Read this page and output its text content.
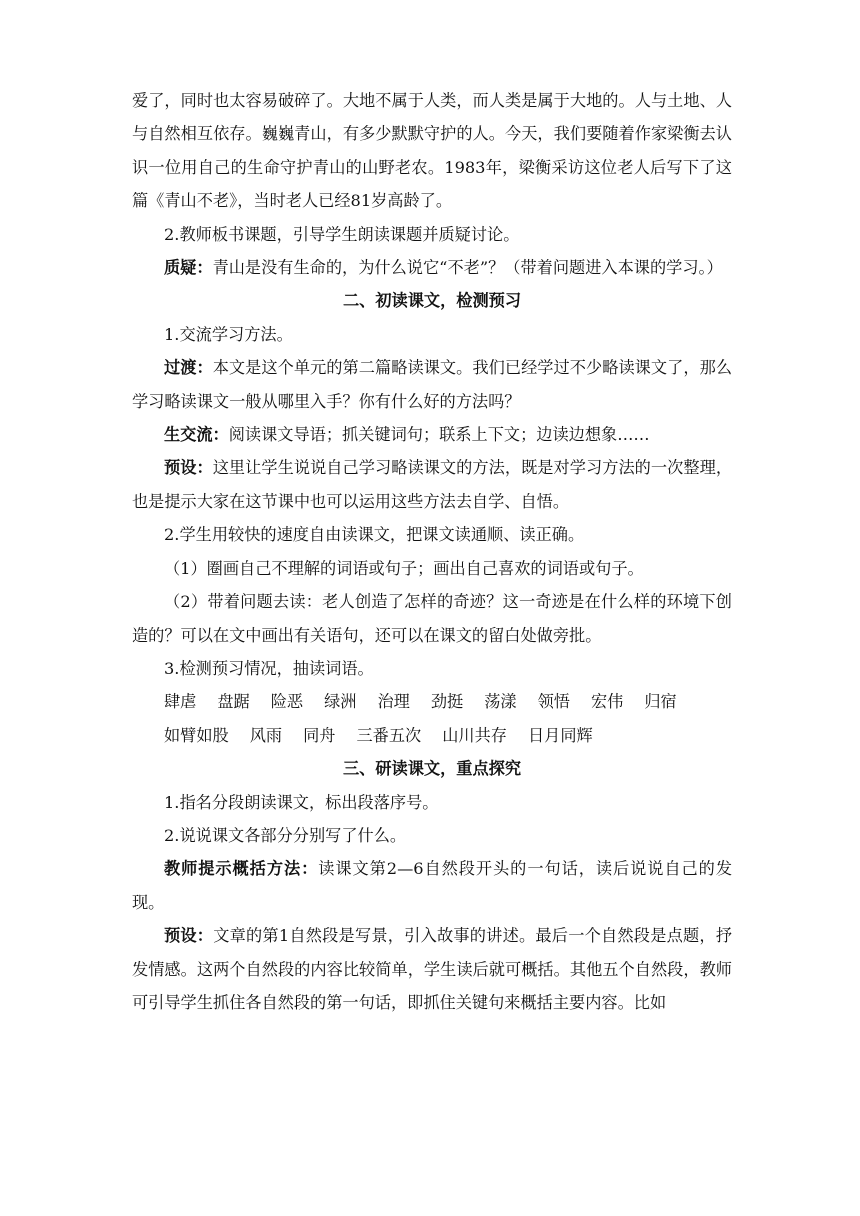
爱了，同时也太容易破碎了。大地不属于人类，而人类是属于大地的。人与土地、人与自然相互依存。巍巍青山，有多少默默守护的人。今天，我们要随着作家梁衡去认识一位用自己的生命守护青山的山野老农。1983年，梁衡采访这位老人后写下了这篇《青山不老》，当时老人已经81岁高龄了。

2.教师板书课题，引导学生朗读课题并质疑讨论。

质疑：青山是没有生命的，为什么说它“不老”？（带着问题进入本课的学习。）

二、初读课文，检测预习

1.交流学习方法。

过渡：本文是这个单元的第二篇略读课文。我们已经学过不少略读课文了，那么学习略读课文一般从哪里入手？你有什么好的方法吗？

生交流：阅读课文导语；抓关键词句；联系上下文；边读边想象……

预设：这里让学生说说自己学习略读课文的方法，既是对学习方法的一次整理，也是提示大家在这节课中也可以运用这些方法去自学、自悟。

2.学生用较快的速度自由读课文，把课文读通顺、读正确。

（1）圈画自己不理解的词语或句子；画出自己喜欢的词语或句子。

（2）带着问题去读：老人创造了怎样的奇迹？这一奇迹是在什么样的环境下创造的？可以在文中画出有关语句，还可以在课文的留白处做旁批。

3.检测预习情况，抽读词语。

肆虐 盘踞 险恶 绿洲 治理 劲挺 荡漾 领悟 宏伟 归宿
如臂如股 风雨 同舟 三番五次 山川共存 日月同辉

三、研读课文，重点探究

1.指名分段朗读课文，标出段落序号。

2.说说课文各部分分别写了什么。

教师提示概括方法：读课文第2—6自然段开头的一句话，读后说说自己的发现。

预设：文章的第1自然段是写景，引入故事的讲述。最后一个自然段是点题，抒发情感。这两个自然段的内容比较简单，学生读后就可概括。其他五个自然段，教师可引导学生抓住各自然段的第一句话，即抓住关键句来概括主要内容。比如
